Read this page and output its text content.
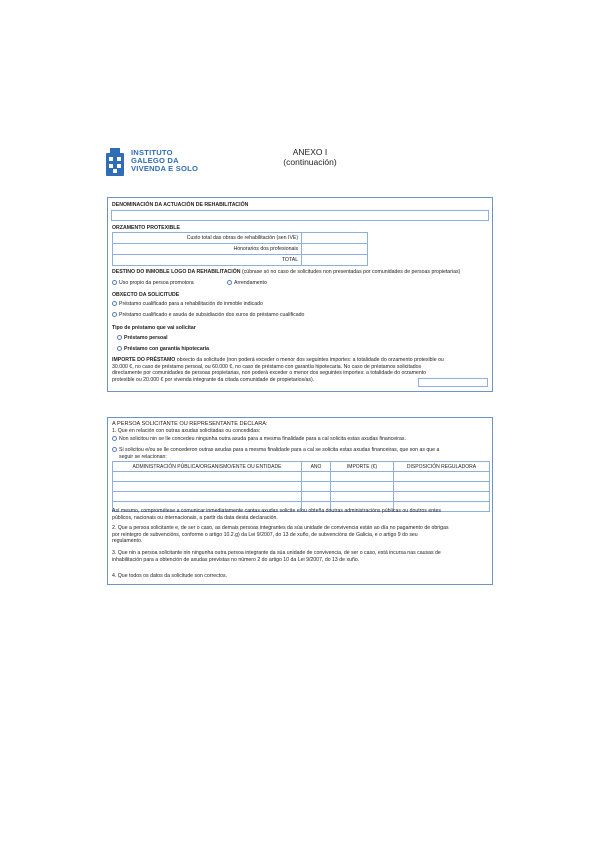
INSTITUTO
GALEGO DA
VIVENDA E SOLO
ANEXO I
(continuación)
DENOMINACIÓN DA ACTUACIÓN DE REHABILITACIÓN
ORZAMENTO PROTEXIBLE
Custo total das obras de rehabilitación (sen IVE)	
Honorarios dos profesionais	
TOTAL	
DESTINO DO INMOBLE LOGO DA REHABILITACIÓN (cúbrase só no caso de solicitudes non presentadas por comunidades de persoas propietarias)
Uso propio da persoa promotora	Arrendamento
OBXECTO DA SOLICITUDE
Préstamo cualificado para a rehabilitación do inmoble indicado
Préstamo cualificado e axuda de subsidiación dos xuros do préstamo cualificado
Tipo de préstamo que vai solicitar
Préstamo persoal
Préstamo con garantía hipotecaria
IMPORTE DO PRÉSTAMO obxecto da solicitude (non poderá exceder o menor dos seguintes importes: a totalidade do orzamento protexible ou
30.000 €, no caso de préstamo persoal, ou 60.000 €, no caso de préstamo con garantía hipotecaria. No caso de préstamos solicitados
directamente por comunidades de persoas propietarias, non poderá exceder o menor dos seguintes importes: a totalidade do orzamento
protexible ou 20.000 € por vivenda integrante da citada comunidade de propietarios/as).
A PERSOA SOLICITANTE OU REPRESENTANTE DECLARA:
1. Que en relación con outras axudas solicitadas ou concedidas:
Non solicitou nin se lle concedeu ningunha outra axuda para a mesma finalidade para a cal solicita estas axudas financeiras.
Si solicitou e/ou se lle concederon outras axudas para a mesma finalidade para a cal se solicita estas axudas financeiras, que son as que a
seguir se relacionan:
ADMINISTRACIÓN PÚBLICA/ORGANISMO/ENTE OU ENTIDADE	ANO	IMPORTE (€)	DISPOSICIÓN REGULADORA

Así mesmo, comprométese a comunicar inmediatamente cantas axudas solicite e/ou obteña doutras administracións públicas ou doutros entes
públicos, nacionais ou internacionais, a partir da data desta declaración.
2. Que a persoa solicitante e, de ser o caso, as demais persoas integrantes da súa unidade de convivencia están ao día no pagamento de obrigas
por reintegro de subvencións, conforme o artigo 10.2.g) da Lei 9/2007, do 13 de xuño, de subvencións de Galicia, e o artigo 9 do seu
regulamento.
3. Que nin a persoa solicitante nin ningunha outra persoa integrante da súa unidade de convivencia, de ser o caso, está incursa nas causas de
inhabilitación para a obtención de axudas previstas no número 2 do artigo 10 da Lei 9/2007, do 13 de xuño.
4. Que todos os datos da solicitude son correctos.
